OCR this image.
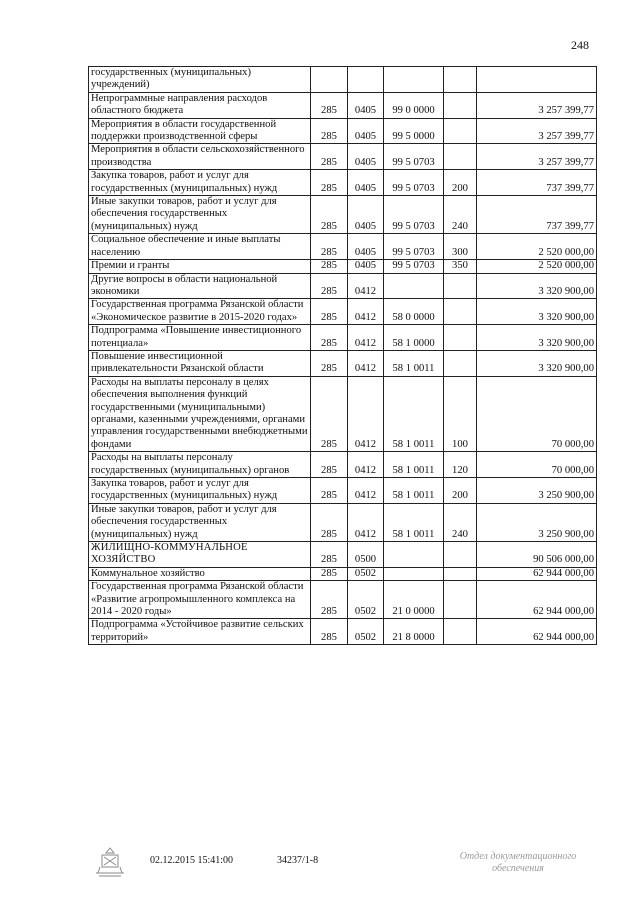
248
государственных (муниципальных) учреждений)					
Непрограммные направления расходов областного бюджета	285	0405	99 0 0000		3 257 399,77
Мероприятия в области государственной поддержки производственной сферы	285	0405	99 5 0000		3 257 399,77
Мероприятия в области сельскохозяйственного производства	285	0405	99 5 0703		3 257 399,77
Закупка товаров, работ и услуг для государственных (муниципальных) нужд	285	0405	99 5 0703	200	737 399,77
Иные закупки товаров, работ и услуг для обеспечения государственных (муниципальных) нужд	285	0405	99 5 0703	240	737 399,77
Социальное обеспечение и иные выплаты населению	285	0405	99 5 0703	300	2 520 000,00
Премии и гранты	285	0405	99 5 0703	350	2 520 000,00
Другие вопросы в области национальной экономики	285	0412			3 320 900,00
Государственная программа Рязанской области «Экономическое развитие в 2015-2020 годах»	285	0412	58 0 0000		3 320 900,00
Подпрограмма «Повышение инвестиционного потенциала»	285	0412	58 1 0000		3 320 900,00
Повышение инвестиционной привлекательности Рязанской области	285	0412	58 1 0011		3 320 900,00
Расходы на выплаты персоналу в целях обеспечения выполнения функций государственными (муниципальными) органами, казенными учреждениями, органами управления государственными внебюджетными фондами	285	0412	58 1 0011	100	70 000,00
Расходы на выплаты персоналу государственных (муниципальных) органов	285	0412	58 1 0011	120	70 000,00
Закупка товаров, работ и услуг для государственных (муниципальных) нужд	285	0412	58 1 0011	200	3 250 900,00
Иные закупки товаров, работ и услуг для обеспечения государственных (муниципальных) нужд	285	0412	58 1 0011	240	3 250 900,00
ЖИЛИЩНО-КОММУНАЛЬНОЕ ХОЗЯЙСТВО	285	0500			90 506 000,00
Коммунальное хозяйство	285	0502			62 944 000,00
Государственная программа Рязанской области «Развитие агропромышленного комплекса на 2014 - 2020 годы»	285	0502	21 0 0000		62 944 000,00
Подпрограмма «Устойчивое развитие сельских территорий»	285	0502	21 8 0000		62 944 000,00
02.12.2015 15:41:00	34237/1-8	Отдел документационного
обеспечения
